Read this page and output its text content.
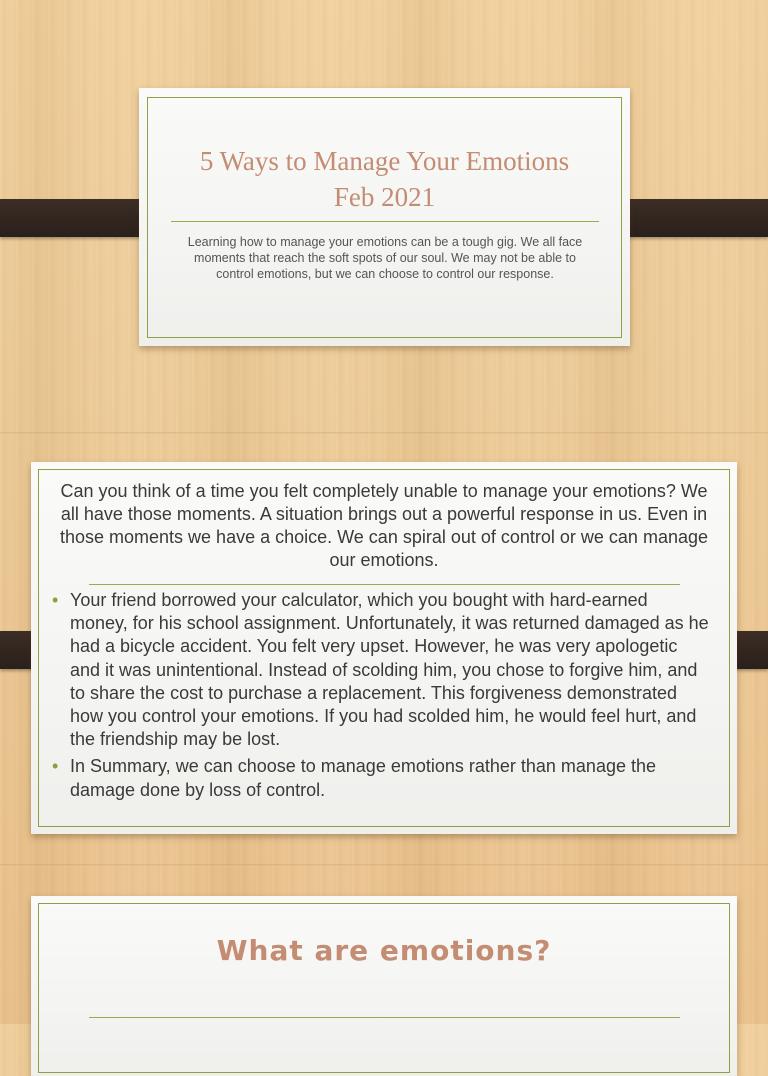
5 Ways to Manage Your Emotions
Feb 2021
Learning how to manage your emotions can be a tough gig. We all face moments that reach the soft spots of our soul. We may not be able to control emotions, but we can choose to control our response.
Can you think of a time you felt completely unable to manage your emotions? We all have those moments. A situation brings out a powerful response in us. Even in those moments we have a choice. We can spiral out of control or we can manage our emotions.
• Your friend borrowed your calculator, which you bought with hard-earned money, for his school assignment. Unfortunately, it was returned damaged as he had a bicycle accident. You felt very upset. However, he was very apologetic and it was unintentional. Instead of scolding him, you chose to forgive him, and to share the cost to purchase a replacement. This forgiveness demonstrated how you control your emotions. If you had scolded him, he would feel hurt, and the friendship may be lost.
• In Summary, we can choose to manage emotions rather than manage the damage done by loss of control.
What are emotions?
